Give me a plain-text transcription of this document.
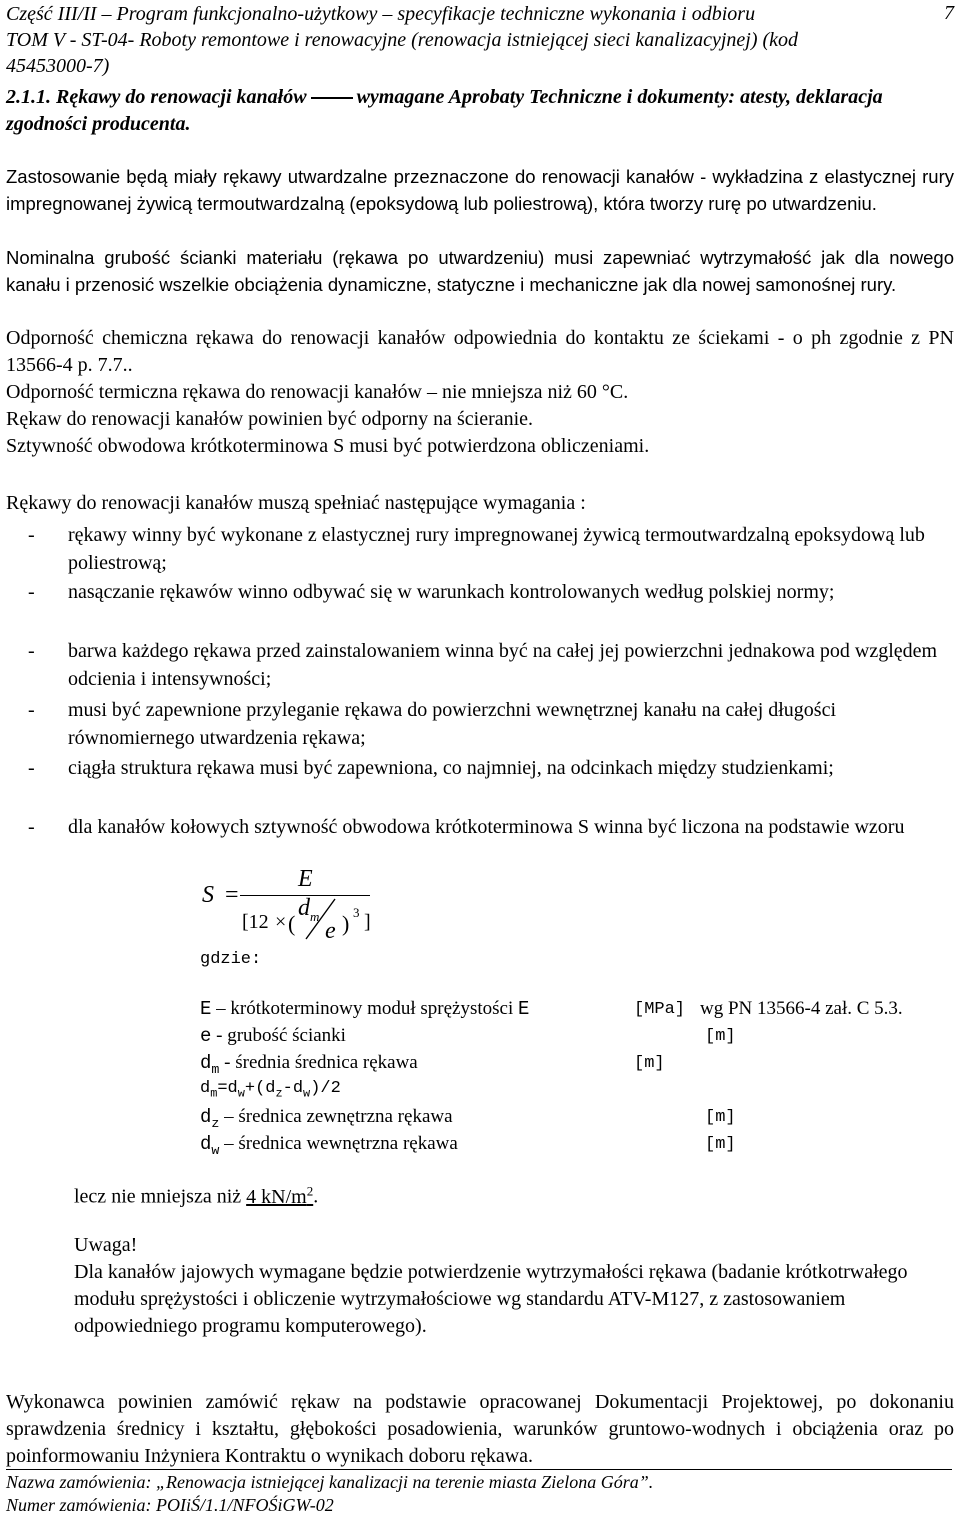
Część III/II – Program funkcjonalno-użytkowy – specyfikacje techniczne wykonania i odbioru	7
TOM V - ST-04- Roboty remontowe i renowacyjne (renowacja istniejącej sieci kanalizacyjnej) (kod
45453000-7)
2.1.1. Rękawy do renowacji kanałów	wymagane Aprobaty Techniczne i dokumenty: atesty, deklaracja zgodności producenta.
Zastosowanie będą miały rękawy utwardzalne przeznaczone do renowacji kanałów - wykładzina z elastycznej rury impregnowanej żywicą termoutwardzalną (epoksydową lub poliestrową), która tworzy rurę po utwardzeniu.
Nominalna grubość ścianki materiału (rękawa po utwardzeniu) musi zapewniać wytrzymałość jak dla nowego kanału i przenosić wszelkie obciążenia dynamiczne, statyczne i mechaniczne jak dla nowej samonośnej rury.
Odporność chemiczna rękawa do renowacji kanałów odpowiednia do kontaktu ze ściekami - o ph zgodnie z PN 13566-4 p. 7.7..
Odporność termiczna rękawa do renowacji kanałów – nie mniejsza niż 60 °C.
Rękaw do renowacji kanałów powinien być odporny na ścieranie.
Sztywność obwodowa krótkoterminowa S musi być potwierdzona obliczeniami.
Rękawy do renowacji kanałów muszą spełniać następujące wymagania :
- rękawy winny być wykonane z elastycznej rury impregnowanej żywicą termoutwardzalną epoksydową lub poliestrową;
- nasączanie rękawów winno odbywać się w warunkach kontrolowanych według polskiej normy;
- barwa każdego rękawa przed zainstalowaniem winna być na całej jej powierzchni jednakowa pod względem odcienia i intensywności;
- musi być zapewnione przyleganie rękawa do powierzchni wewnętrznej kanału na całej długości równomiernego utwardzenia rękawa;
- ciągła struktura rękawa musi być zapewniona, co najmniej, na odcinkach między studzienkami;
- dla kanałów kołowych sztywność obwodowa krótkoterminowa S winna być liczona na podstawie wzoru
S =
E
[12 × (
$d_m$
e ) 3 ]
gdzie:
E – krótkoterminowy moduł sprężystości E	[MPa] wg PN 13566-4 zał. C 5.3.
e - grubość ścianki	[m]
$d_m$ - średnia średnica rękawa	[m]
$d_m=d_w+(d_z-d_w)/2$
$d_z$ – średnica zewnętrzna rękawa	[m]
$d_w$ – średnica wewnętrzna rękawa	[m]
lecz nie mniejsza niż 4 $kN/m^2$.
Uwaga!
Dla kanałów jajowych wymagane będzie potwierdzenie wytrzymałości rękawa (badanie krótkotrwałego modułu sprężystości i obliczenie wytrzymałościowe wg standardu ATV-M127, z zastosowaniem odpowiedniego programu komputerowego).
Wykonawca powinien zamówić rękaw na podstawie opracowanej Dokumentacji Projektowej, po dokonaniu sprawdzenia średnicy i kształtu, głębokości posadowienia, warunków gruntowo-wodnych i obciążenia oraz po poinformowaniu Inżyniera Kontraktu o wynikach doboru rękawa.
Nazwa zamówienia: „Renowacja istniejącej kanalizacji na terenie miasta Zielona Góra”.
Numer zamówienia: POIiŚ/1.1/NFOŚiGW-02
